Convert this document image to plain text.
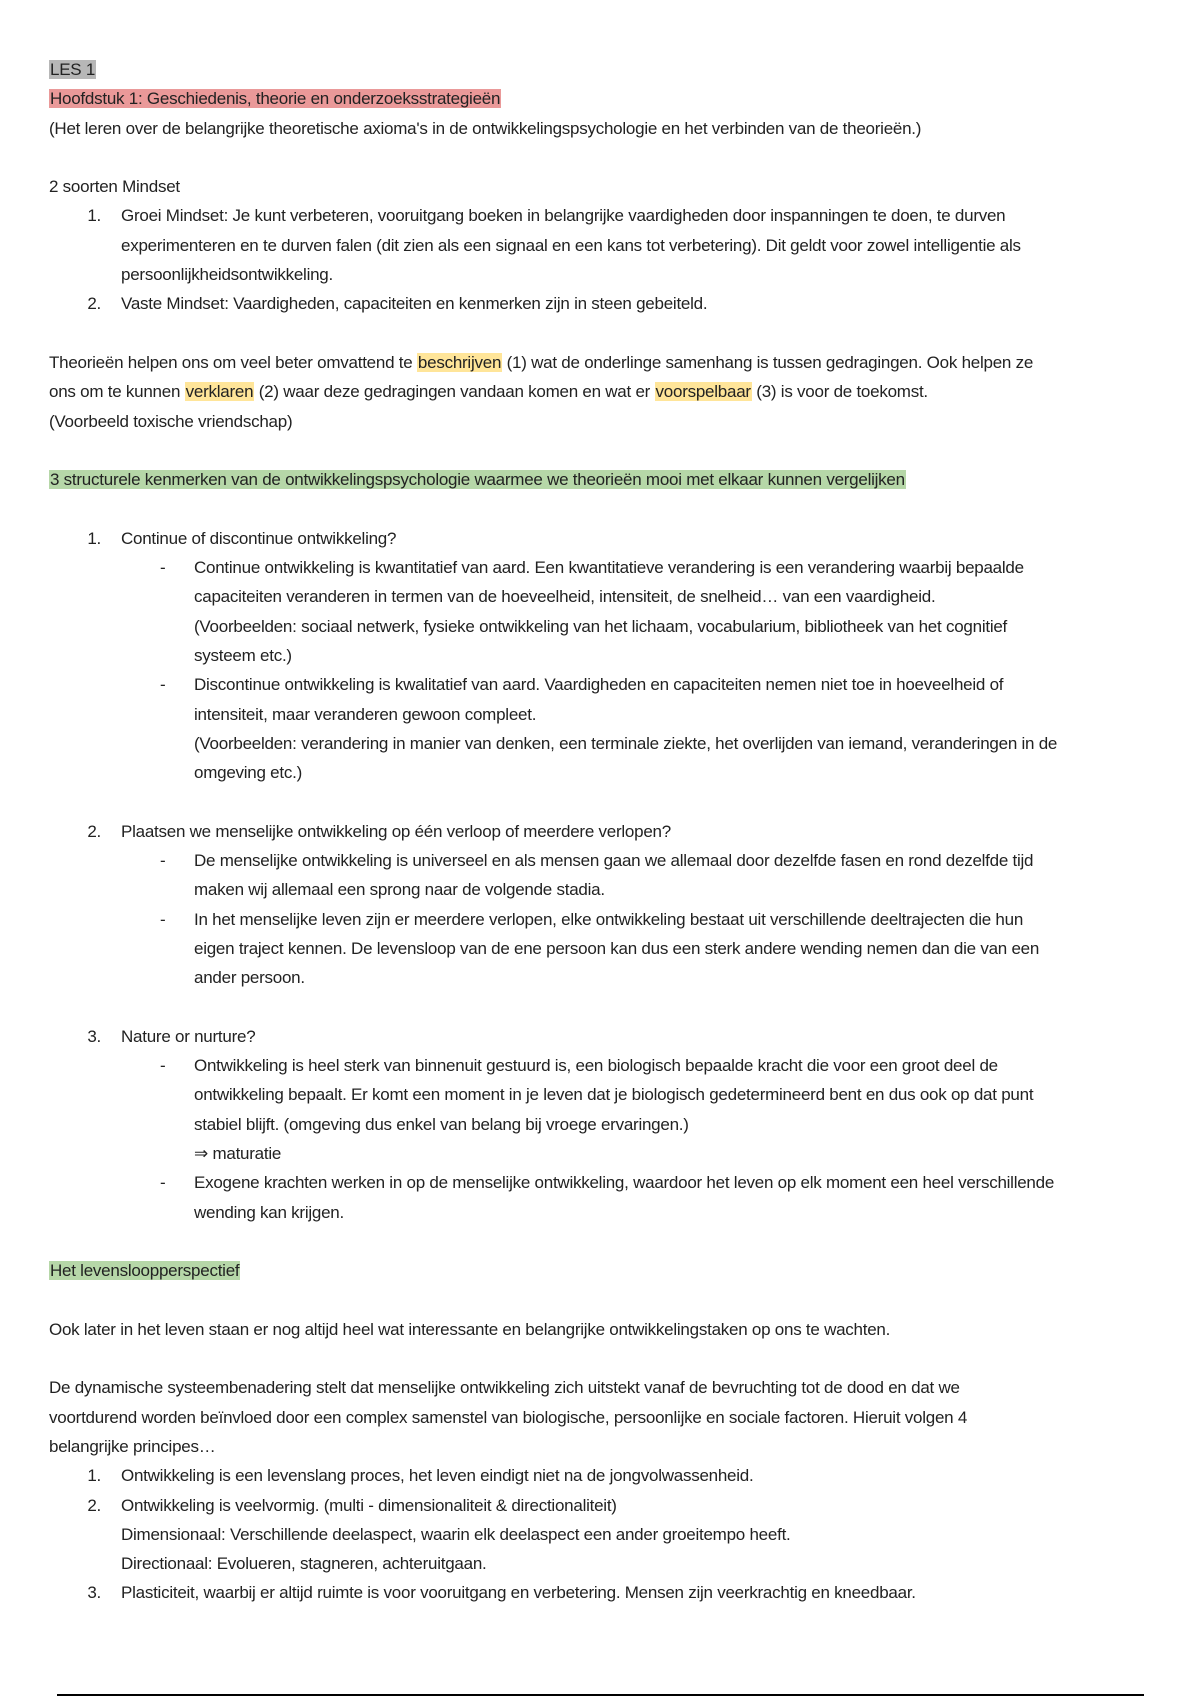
LES 1
Hoofdstuk 1: Geschiedenis, theorie en onderzoeksstrategieën
(Het leren over de belangrijke theoretische axioma's in de ontwikkelingspsychologie en het verbinden van de theorieën.)
2 soorten Mindset
1. Groei Mindset: Je kunt verbeteren, vooruitgang boeken in belangrijke vaardigheden door inspanningen te doen, te durven
experimenteren en te durven falen (dit zien als een signaal en een kans tot verbetering). Dit geldt voor zowel intelligentie als
persoonlijkheidsontwikkeling.
2. Vaste Mindset: Vaardigheden, capaciteiten en kenmerken zijn in steen gebeiteld.
Theorieën helpen ons om veel beter omvattend te beschrijven (1) wat de onderlinge samenhang is tussen gedragingen. Ook helpen ze
ons om te kunnen verklaren (2) waar deze gedragingen vandaan komen en wat er voorspelbaar (3) is voor de toekomst.
(Voorbeeld toxische vriendschap)
3 structurele kenmerken van de ontwikkelingspsychologie waarmee we theorieën mooi met elkaar kunnen vergelijken
1. Continue of discontinue ontwikkeling?
- Continue ontwikkeling is kwantitatief van aard. Een kwantitatieve verandering is een verandering waarbij bepaalde
capaciteiten veranderen in termen van de hoeveelheid, intensiteit, de snelheid… van een vaardigheid.
(Voorbeelden: sociaal netwerk, fysieke ontwikkeling van het lichaam, vocabularium, bibliotheek van het cognitief
systeem etc.)
- Discontinue ontwikkeling is kwalitatief van aard. Vaardigheden en capaciteiten nemen niet toe in hoeveelheid of
intensiteit, maar veranderen gewoon compleet.
(Voorbeelden: verandering in manier van denken, een terminale ziekte, het overlijden van iemand, veranderingen in de
omgeving etc.)
2. Plaatsen we menselijke ontwikkeling op één verloop of meerdere verlopen?
- De menselijke ontwikkeling is universeel en als mensen gaan we allemaal door dezelfde fasen en rond dezelfde tijd
maken wij allemaal een sprong naar de volgende stadia.
- In het menselijke leven zijn er meerdere verlopen, elke ontwikkeling bestaat uit verschillende deeltrajecten die hun
eigen traject kennen. De levensloop van de ene persoon kan dus een sterk andere wending nemen dan die van een
ander persoon.
3. Nature or nurture?
- Ontwikkeling is heel sterk van binnenuit gestuurd is, een biologisch bepaalde kracht die voor een groot deel de
ontwikkeling bepaalt. Er komt een moment in je leven dat je biologisch gedetermineerd bent en dus ook op dat punt
stabiel blijft. (omgeving dus enkel van belang bij vroege ervaringen.)
⇒ maturatie
- Exogene krachten werken in op de menselijke ontwikkeling, waardoor het leven op elk moment een heel verschillende
wending kan krijgen.
Het levensloopperspectief
Ook later in het leven staan er nog altijd heel wat interessante en belangrijke ontwikkelingstaken op ons te wachten.
De dynamische systeembenadering stelt dat menselijke ontwikkeling zich uitstekt vanaf de bevruchting tot de dood en dat we
voortdurend worden beïnvloed door een complex samenstel van biologische, persoonlijke en sociale factoren. Hieruit volgen 4
belangrijke principes…
1. Ontwikkeling is een levenslang proces, het leven eindigt niet na de jongvolwassenheid.
2. Ontwikkeling is veelvormig. (multi - dimensionaliteit & directionaliteit)
Dimensionaal: Verschillende deelaspect, waarin elk deelaspect een ander groeitempo heeft.
Directionaal: Evolueren, stagneren, achteruitgaan.
3. Plasticiteit, waarbij er altijd ruimte is voor vooruitgang en verbetering. Mensen zijn veerkrachtig en kneedbaar.
